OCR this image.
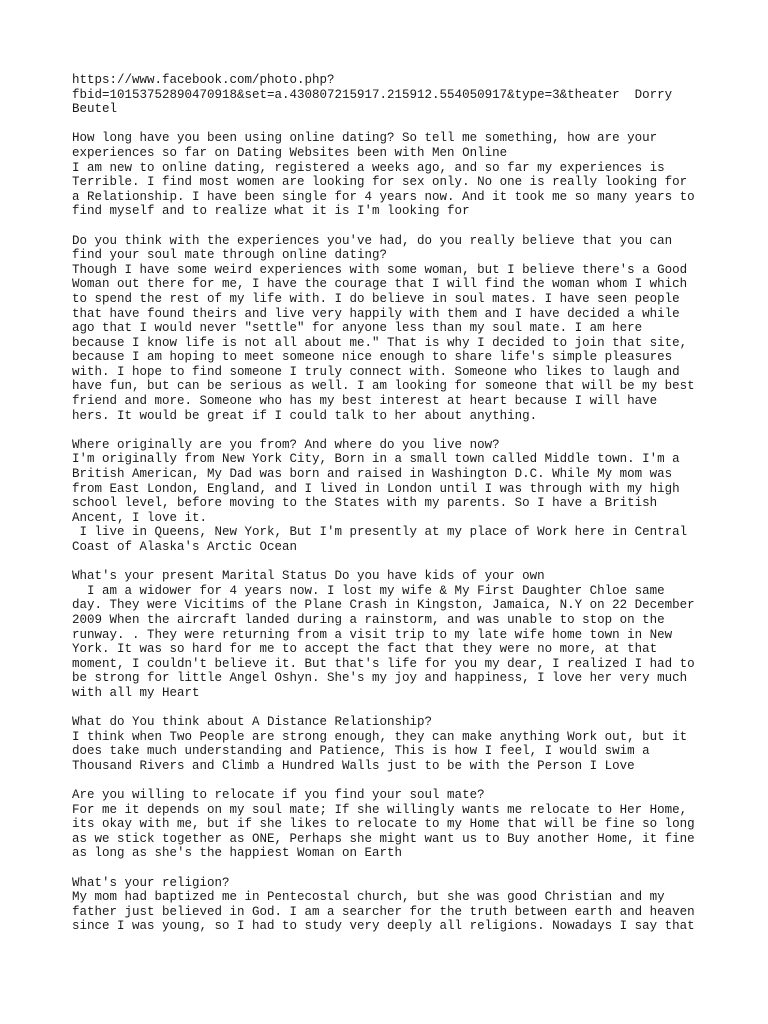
https://www.facebook.com/photo.php?
fbid=10153752890470918&set=a.430807215917.215912.554050917&type=3&theater  Dorry
Beutel
How long have you been using online dating? So tell me something, how are your
experiences so far on Dating Websites been with Men Online
I am new to online dating, registered a weeks ago, and so far my experiences is
Terrible. I find most women are looking for sex only. No one is really looking for
a Relationship. I have been single for 4 years now. And it took me so many years to
find myself and to realize what it is I'm looking for
Do you think with the experiences you've had, do you really believe that you can
find your soul mate through online dating?
Though I have some weird experiences with some woman, but I believe there's a Good
Woman out there for me, I have the courage that I will find the woman whom I which
to spend the rest of my life with. I do believe in soul mates. I have seen people
that have found theirs and live very happily with them and I have decided a while
ago that I would never "settle" for anyone less than my soul mate. I am here
because I know life is not all about me." That is why I decided to join that site,
because I am hoping to meet someone nice enough to share life's simple pleasures
with. I hope to find someone I truly connect with. Someone who likes to laugh and
have fun, but can be serious as well. I am looking for someone that will be my best
friend and more. Someone who has my best interest at heart because I will have
hers. It would be great if I could talk to her about anything.
Where originally are you from? And where do you live now?
I'm originally from New York City, Born in a small town called Middle town. I'm a
British American, My Dad was born and raised in Washington D.C. While My mom was
from East London, England, and I lived in London until I was through with my high
school level, before moving to the States with my parents. So I have a British
Ancent, I love it.
I live in Queens, New York, But I'm presently at my place of Work here in Central
Coast of Alaska's Arctic Ocean
What's your present Marital Status Do you have kids of your own
I am a widower for 4 years now. I lost my wife & My First Daughter Chloe same
day. They were Vicitims of the Plane Crash in Kingston, Jamaica, N.Y on 22 December
2009 When the aircraft landed during a rainstorm, and was unable to stop on the
runway. . They were returning from a visit trip to my late wife home town in New
York. It was so hard for me to accept the fact that they were no more, at that
moment, I couldn't believe it. But that's life for you my dear, I realized I had to
be strong for little Angel Oshyn. She's my joy and happiness, I love her very much
with all my Heart
What do You think about A Distance Relationship?
I think when Two People are strong enough, they can make anything Work out, but it
does take much understanding and Patience, This is how I feel, I would swim a
Thousand Rivers and Climb a Hundred Walls just to be with the Person I Love
Are you willing to relocate if you find your soul mate?
For me it depends on my soul mate; If she willingly wants me relocate to Her Home,
its okay with me, but if she likes to relocate to my Home that will be fine so long
as we stick together as ONE, Perhaps she might want us to Buy another Home, it fine
as long as she's the happiest Woman on Earth
What's your religion?
My mom had baptized me in Pentecostal church, but she was good Christian and my
father just believed in God. I am a searcher for the truth between earth and heaven
since I was young, so I had to study very deeply all religions. Nowadays I say that
